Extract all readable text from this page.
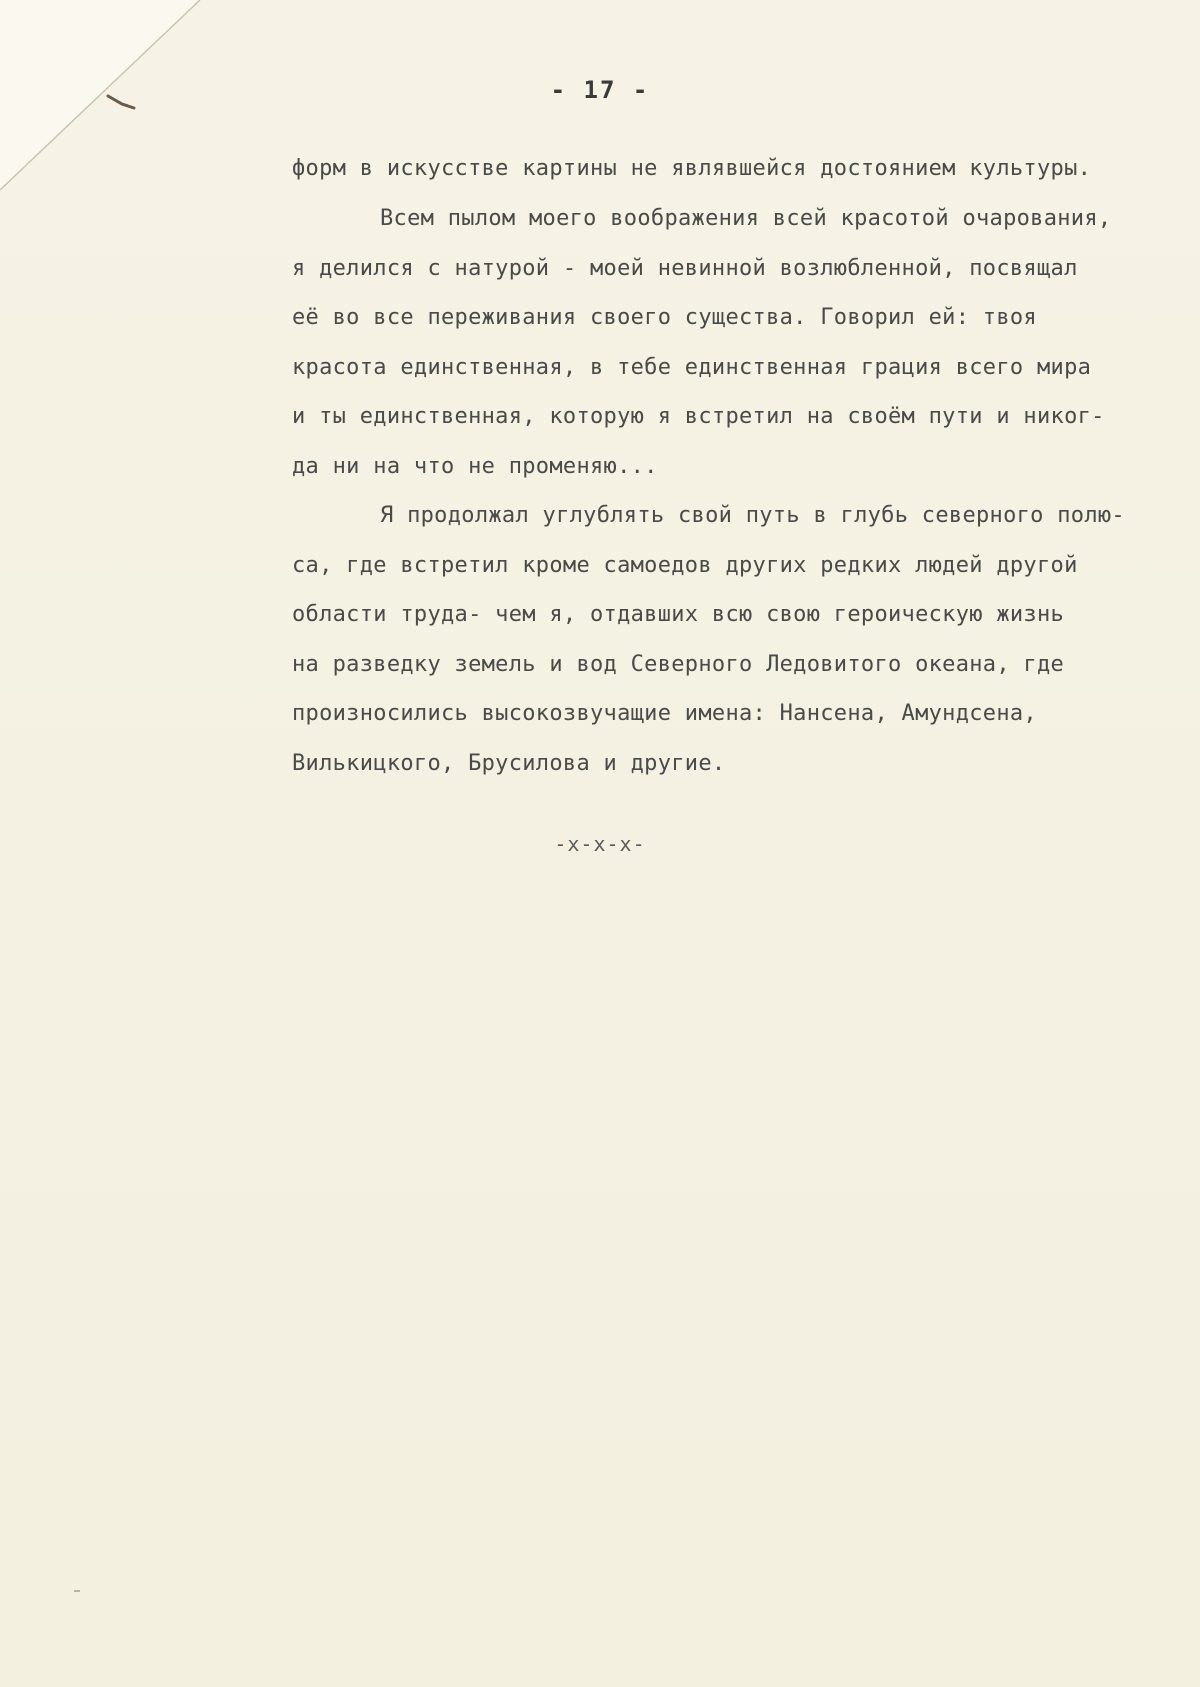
- 17 -
форм в искусстве картины не являвшейся достоянием культуры.
Всем пылом моего воображения всей красотой очарования,
я делился с натурой - моей невинной возлюбленной, посвящал
её во все переживания своего существа. Говорил ей: твоя
красота единственная, в тебе единственная грация всего мира
и ты единственная, которую я встретил на своём пути и никог-
да ни на что не променяю...
Я продолжал углублять свой путь в глубь северного полю-
са, где встретил кроме самоедов других редких людей другой
области труда- чем я, отдавших всю свою героическую жизнь
на разведку земель и вод Северного Ледовитого океана, где
произносились высокозвучащие имена: Нансена, Амундсена,
Вилькицкого, Брусилова и другие.
-x-x-x-
